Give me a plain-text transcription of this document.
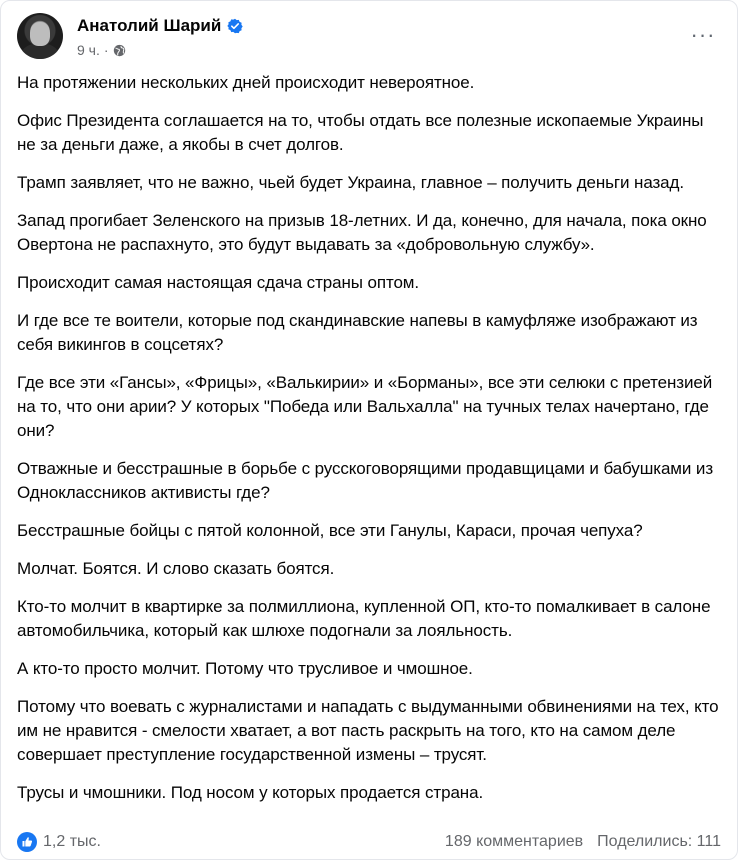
Анатолий Шарий
9 ч. ·
···

На протяжении нескольких дней происходит невероятное.

Офис Президента соглашается на то, чтобы отдать все полезные ископаемые Украины не за деньги даже, а якобы в счет долгов.

Трамп заявляет, что не важно, чьей будет Украина, главное – получить деньги назад.

Запад прогибает Зеленского на призыв 18-летних. И да, конечно, для начала, пока окно Овертона не распахнуто, это будут выдавать за «добровольную службу».

Происходит самая настоящая сдача страны оптом.

И где все те воители, которые под скандинавские напевы в камуфляже изображают из себя викингов в соцсетях?

Где все эти «Гансы», «Фрицы», «Валькирии» и «Борманы», все эти селюки с претензией на то, что они арии? У которых "Победа или Вальхалла" на тучных телах начертано, где они?

Отважные и бесстрашные в борьбе с русскоговорящими продавщицами и бабушками из Одноклассников активисты где?

Бесстрашные бойцы с пятой колонной, все эти Ганулы, Караси, прочая чепуха?

Молчат. Боятся. И слово сказать боятся.

Кто-то молчит в квартирке за полмиллиона, купленной ОП, кто-то помалкивает в салоне автомобильчика, который как шлюхе подогнали за лояльность.

А кто-то просто молчит. Потому что трусливое и чмошное.

Потому что воевать с журналистами и нападать с выдуманными обвинениями на тех, кто им не нравится - смелости хватает, а вот пасть раскрыть на того, кто на самом деле совершает преступление государственной измены – трусят.

Трусы и чмошники. Под носом у которых продается страна.

1,2 тыс.	189 комментариев Поделились: 111
